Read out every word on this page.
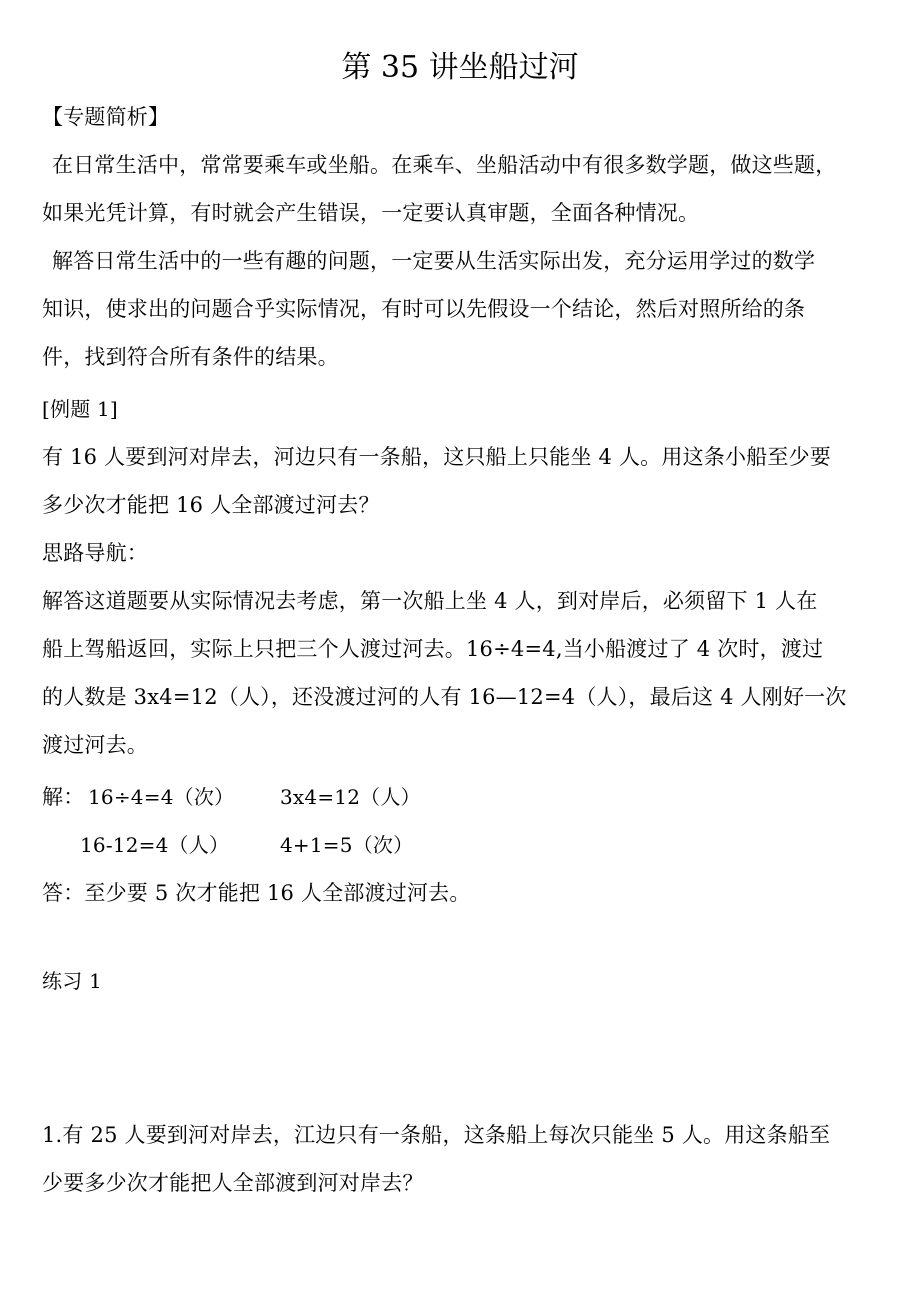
第 35 讲坐船过河
【专题简析】
在日常生活中，常常要乘车或坐船。在乘车、坐船活动中有很多数学题，做这些题，
如果光凭计算，有时就会产生错误，一定要认真审题，全面各种情况。
解答日常生活中的一些有趣的问题，一定要从生活实际出发，充分运用学过的数学
知识，使求出的问题合乎实际情况，有时可以先假设一个结论，然后对照所给的条
件，找到符合所有条件的结果。
[例题 1]
有 16 人要到河对岸去，河边只有一条船，这只船上只能坐 4 人。用这条小船至少要
多少次才能把 16 人全部渡过河去？
思路导航：
解答这道题要从实际情况去考虑，第一次船上坐 4 人，到对岸后，必须留下 1 人在
船上驾船返回，实际上只把三个人渡过河去。16÷4=4,当小船渡过了 4 次时，渡过
的人数是 3x4=12（人），还没渡过河的人有 16—12=4（人），最后这 4 人刚好一次
渡过河去。
解： 16÷4=4（次） 3x4=12（人）
16-12=4（人）	4+1=5（次）
答：至少要 5 次才能把 16 人全部渡过河去。
练习 1
1.有 25 人要到河对岸去，江边只有一条船，这条船上每次只能坐 5 人。用这条船至
少要多少次才能把人全部渡到河对岸去？
